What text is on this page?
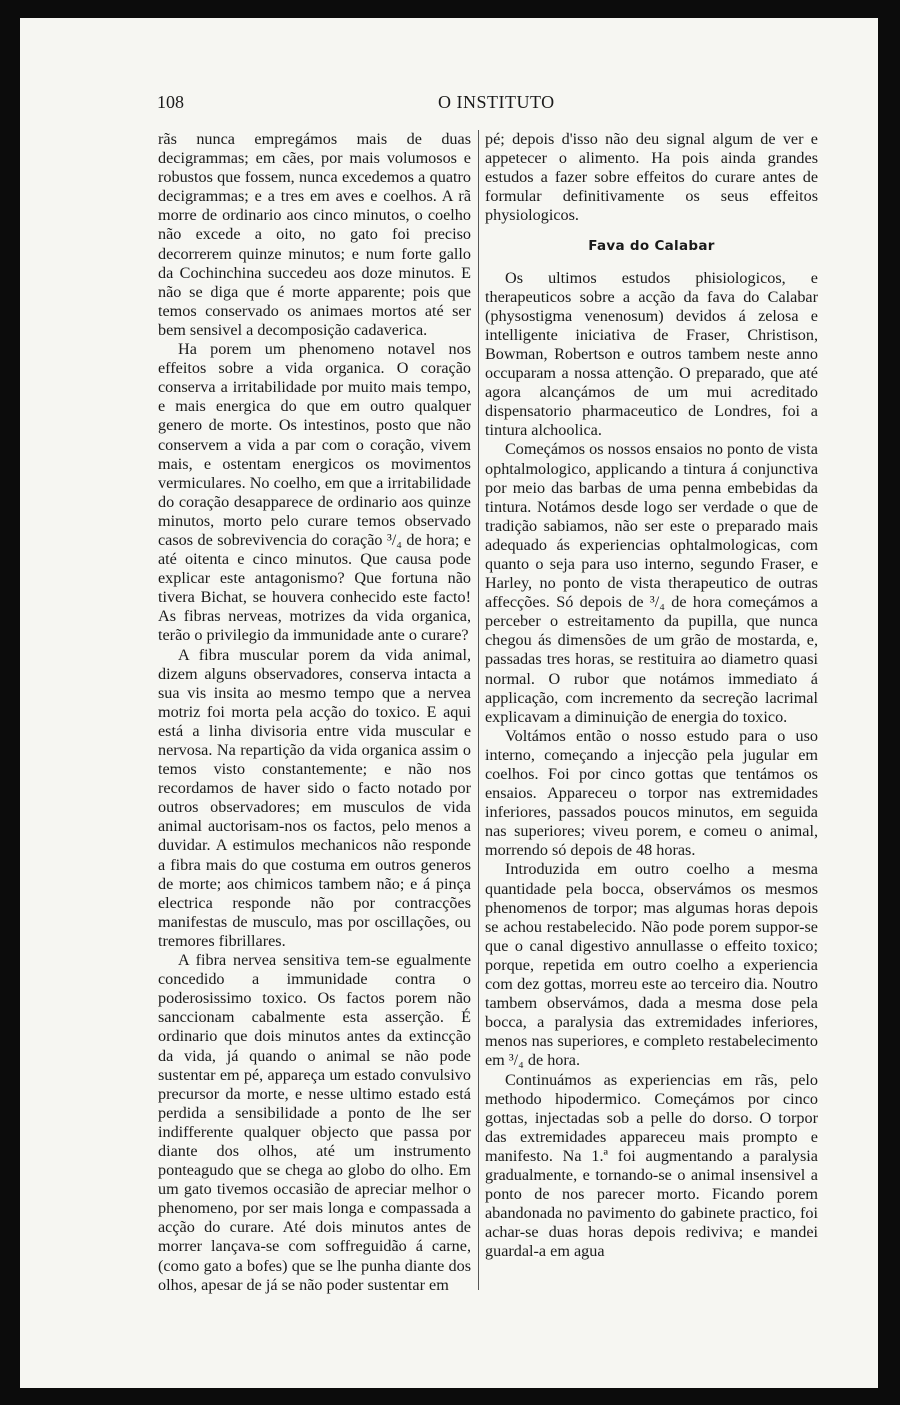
108	O INSTITUTO

rãs nunca empregámos mais de duas decigrammas; em cães, por mais volumosos e robustos que fossem, nunca excedemos a quatro decigrammas; e a tres em aves e coelhos. A rã morre de ordinario aos cinco minutos, o coelho não excede a oito, no gato foi preciso decorrerem quinze minutos; e num forte gallo da Cochinchina succedeu aos doze minutos. E não se diga que é morte apparente; pois que temos conservado os animaes mortos até ser bem sensivel a decomposição cadaverica.

Ha porem um phenomeno notavel nos effeitos sobre a vida organica. O coração conserva a irritabilidade por muito mais tempo, e mais energica do que em outro qualquer genero de morte. Os intestinos, posto que não conservem a vida a par com o coração, vivem mais, e ostentam energicos os movimentos vermiculares. No coelho, em que a irritabilidade do coração desapparece de ordinario aos quinze minutos, morto pelo curare temos observado casos de sobrevivencia do coração ³/₄ de hora; e até oitenta e cinco minutos. Que causa pode explicar este antagonismo? Que fortuna não tivera Bichat, se houvera conhecido este facto! As fibras nerveas, motrizes da vida organica, terão o privilegio da immunidade ante o curare?

A fibra muscular porem da vida animal, dizem alguns observadores, conserva intacta a sua vis insita ao mesmo tempo que a nervea motriz foi morta pela acção do toxico. E aqui está a linha divisoria entre vida muscular e nervosa. Na repartição da vida organica assim o temos visto constantemente; e não nos recordamos de haver sido o facto notado por outros observadores; em musculos de vida animal auctorisam-nos os factos, pelo menos a duvidar. A estimulos mechanicos não responde a fibra mais do que costuma em outros generos de morte; aos chimicos tambem não; e á pinça electrica responde não por contracções manifestas de musculo, mas por oscillações, ou tremores fibrillares.

A fibra nervea sensitiva tem-se egualmente concedido a immunidade contra o poderosissimo toxico. Os factos porem não sanccionam cabalmente esta asserção. É ordinario que dois minutos antes da extincção da vida, já quando o animal se não pode sustentar em pé, appareça um estado convulsivo precursor da morte, e nesse ultimo estado está perdida a sensibilidade a ponto de lhe ser indifferente qualquer objecto que passa por diante dos olhos, até um instrumento ponteagudo que se chega ao globo do olho. Em um gato tivemos occasião de apreciar melhor o phenomeno, por ser mais longa e compassada a acção do curare. Até dois minutos antes de morrer lançava-se com soffreguidão á carne, (como gato a bofes) que se lhe punha diante dos olhos, apesar de já se não poder sustentar em

pé; depois d'isso não deu signal algum de ver e appetecer o alimento. Ha pois ainda grandes estudos a fazer sobre effeitos do curare antes de formular definitivamente os seus effeitos physiologicos.

Fava do Calabar

Os ultimos estudos phisiologicos, e therapeuticos sobre a acção da fava do Calabar (physostigma venenosum) devidos á zelosa e intelligente iniciativa de Fraser, Christison, Bowman, Robertson e outros tambem neste anno occuparam a nossa attenção. O preparado, que até agora alcançámos de um mui acreditado dispensatorio pharmaceutico de Londres, foi a tintura alchoolica.

Começámos os nossos ensaios no ponto de vista ophtalmologico, applicando a tintura á conjunctiva por meio das barbas de uma penna embebidas da tintura. Notámos desde logo ser verdade o que de tradição sabiamos, não ser este o preparado mais adequado ás experiencias ophtalmologicas, com quanto o seja para uso interno, segundo Fraser, e Harley, no ponto de vista therapeutico de outras affecções. Só depois de ³/₄ de hora começámos a perceber o estreitamento da pupilla, que nunca chegou ás dimensões de um grão de mostarda, e, passadas tres horas, se restituira ao diametro quasi normal. O rubor que notámos immediato á applicação, com incremento da secreção lacrimal explicavam a diminuição de energia do toxico.

Voltámos então o nosso estudo para o uso interno, começando a injecção pela jugular em coelhos. Foi por cinco gottas que tentámos os ensaios. Appareceu o torpor nas extremidades inferiores, passados poucos minutos, em seguida nas superiores; viveu porem, e comeu o animal, morrendo só depois de 48 horas.

Introduzida em outro coelho a mesma quantidade pela bocca, observámos os mesmos phenomenos de torpor; mas algumas horas depois se achou restabelecido. Não pode porem suppor-se que o canal digestivo annullasse o effeito toxico; porque, repetida em outro coelho a experiencia com dez gottas, morreu este ao terceiro dia. Noutro tambem observámos, dada a mesma dose pela bocca, a paralysia das extremidades inferiores, menos nas superiores, e completo restabelecimento em ³/₄ de hora.

Continuámos as experiencias em rãs, pelo methodo hipodermico. Começámos por cinco gottas, injectadas sob a pelle do dorso. O torpor das extremidades appareceu mais prompto e manifesto. Na 1.ª foi augmentando a paralysia gradualmente, e tornando-se o animal insensivel a ponto de nos parecer morto. Ficando porem abandonada no pavimento do gabinete practico, foi achar-se duas horas depois rediviva; e mandei guardal-a em agua
